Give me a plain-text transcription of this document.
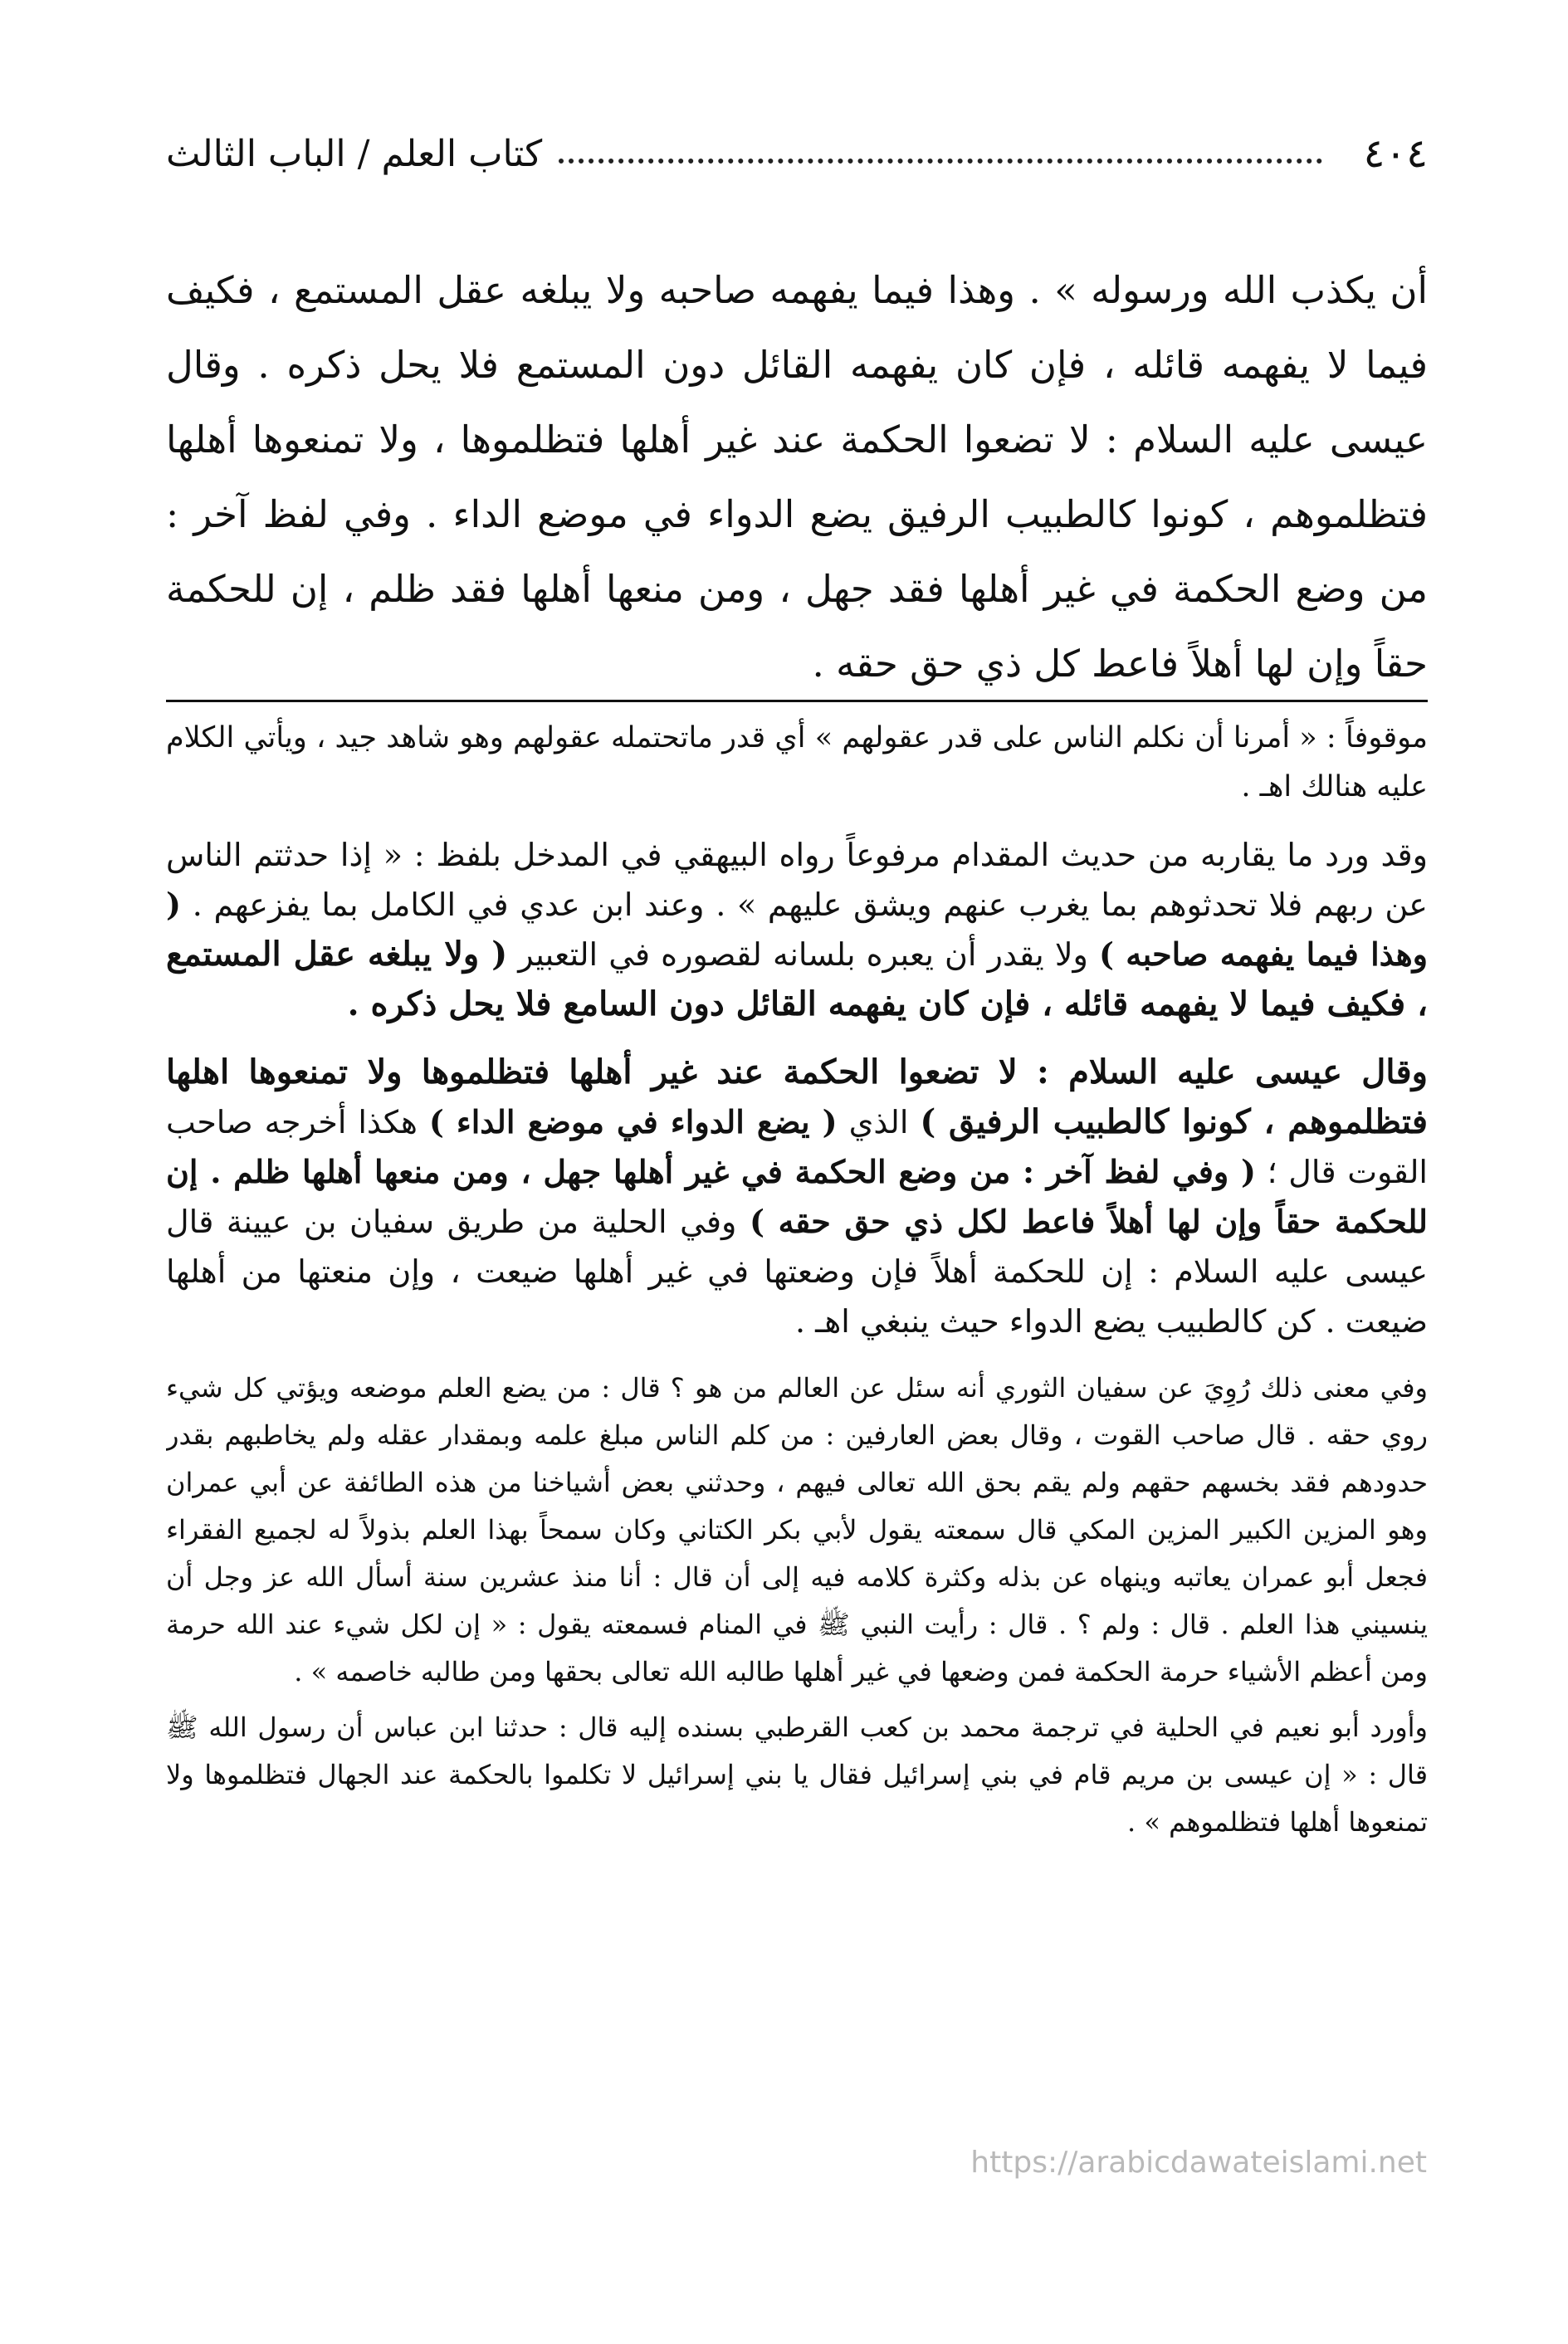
٤٠٤
كتاب العلم / الباب الثالث

أن يكذب الله ورسوله » . وهذا فيما يفهمه صاحبه ولا يبلغه عقل المستمع ، فكيف فيما لا يفهمه قائله ، فإن كان يفهمه القائل دون المستمع فلا يحل ذكره . وقال عيسى عليه السلام : لا تضعوا الحكمة عند غير أهلها فتظلموها ، ولا تمنعوها أهلها فتظلموهم ، كونوا كالطبيب الرفيق يضع الدواء في موضع الداء . وفي لفظ آخر : من وضع الحكمة في غير أهلها فقد جهل ، ومن منعها أهلها فقد ظلم ، إن للحكمة حقاً وإن لها أهلاً فاعط كل ذي حق حقه .

موقوفاً : « أمرنا أن نكلم الناس على قدر عقولهم » أي قدر ماتحتمله عقولهم وهو شاهد جيد ، ويأتي الكلام عليه هنالك اهـ .

وقد ورد ما يقاربه من حديث المقدام مرفوعاً رواه البيهقي في المدخل بلفظ : « إذا حدثتم الناس عن ربهم فلا تحدثوهم بما يغرب عنهم ويشق عليهم » . وعند ابن عدي في الكامل بما يفزعهم . ( وهذا فيما يفهمه صاحبه ) ولا يقدر أن يعبره بلسانه لقصوره في التعبير ( ولا يبلغه عقل المستمع ، فكيف فيما لا يفهمه قائله ، فإن كان يفهمه القائل دون السامع فلا يحل ذكره .

وقال عيسى عليه السلام : لا تضعوا الحكمة عند غير أهلها فتظلموها ولا تمنعوها اهلها فتظلموهم ، كونوا كالطبيب الرفيق ) الذي ( يضع الدواء في موضع الداء ) هكذا أخرجه صاحب القوت قال ؛ ( وفي لفظ آخر : من وضع الحكمة في غير أهلها جهل ، ومن منعها أهلها ظلم . إن للحكمة حقاً وإن لها أهلاً فاعط لكل ذي حق حقه ) وفي الحلية من طريق سفيان بن عيينة قال عيسى عليه السلام : إن للحكمة أهلاً فإن وضعتها في غير أهلها ضيعت ، وإن منعتها من أهلها ضيعت . كن كالطبيب يضع الدواء حيث ينبغي اهـ .

وفي معنى ذلك رُوِيَ عن سفيان الثوري أنه سئل عن العالم من هو ؟ قال : من يضع العلم موضعه ويؤتي كل شيء روي حقه . قال صاحب القوت ، وقال بعض العارفين : من كلم الناس مبلغ علمه وبمقدار عقله ولم يخاطبهم بقدر حدودهم فقد بخسهم حقهم ولم يقم بحق الله تعالى فيهم ، وحدثني بعض أشياخنا من هذه الطائفة عن أبي عمران وهو المزين الكبير المزين المكي قال سمعته يقول لأبي بكر الكتاني وكان سمحاً بهذا العلم بذولاً له لجميع الفقراء فجعل أبو عمران يعاتبه وينهاه عن بذله وكثرة كلامه فيه إلى أن قال : أنا منذ عشرين سنة أسأل الله عز وجل أن ينسيني هذا العلم . قال : ولم ؟ . قال : رأيت النبي ﷺ في المنام فسمعته يقول : « إن لكل شيء عند الله حرمة ومن أعظم الأشياء حرمة الحكمة فمن وضعها في غير أهلها طالبه الله تعالى بحقها ومن طالبه خاصمه » .

وأورد أبو نعيم في الحلية في ترجمة محمد بن كعب القرطبي بسنده إليه قال : حدثنا ابن عباس أن رسول الله ﷺ قال : « إن عيسى بن مريم قام في بني إسرائيل فقال يا بني إسرائيل لا تكلموا بالحكمة عند الجهال فتظلموها ولا تمنعوها أهلها فتظلموهم » .

https://arabicdawateislami.net
